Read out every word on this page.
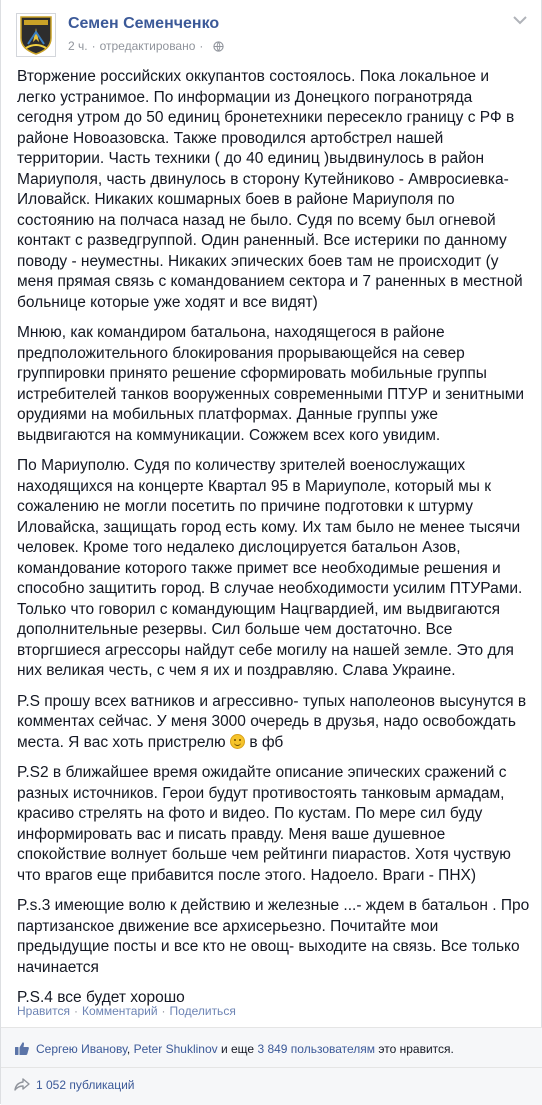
Семен Семенченко
2 ч. · отредактировано ·

Вторжение российских оккупантов состоялось. Пока локальное и легко устранимое. По информации из Донецкого погранотряда сегодня утром до 50 единиц бронетехники пересекло границу с РФ в районе Новоазовска. Также проводился артобстрел нашей территории. Часть техники ( до 40 единиц )выдвинулось в район Мариуполя, часть двинулось в сторону Кутейниково - Амвросиевка- Иловайск. Никаких кошмарных боев в районе Мариуполя по состоянию на полчаса назад не было. Судя по всему был огневой контакт с разведгруппой. Один раненный. Все истерики по данному поводу - неуместны. Никаких эпических боев там не происходит (у меня прямая связь с командованием сектора и 7 раненных в местной больнице которые уже ходят и все видят)

Мнюю, как командиром батальона, находящегося в районе предположительного блокирования прорывающейся на север группировки принято решение сформировать мобильные группы истребителей танков вооруженных современными ПТУР и зенитными орудиями на мобильных платформах. Данные группы уже выдвигаются на коммуникации. Сожжем всех кого увидим.

По Мариуполю. Судя по количеству зрителей военослужащих находящихся на концерте Квартал 95 в Мариуполе, который мы к сожалению не могли посетить по причине подготовки к штурму Иловайска, защищать город есть кому. Их там было не менее тысячи человек. Кроме того недалеко дислоцируется батальон Азов, командование которого также примет все необходимые решения и способно защитить город. В случае необходимости усилим ПТУРами. Только что говорил с командующим Нацгвардией, им выдвигаются дополнительные резервы. Сил больше чем достаточно. Все вторгшиеся агрессоры найдут себе могилу на нашей земле. Это для них великая честь, с чем я их и поздравляю. Слава Украине.

P.S прошу всех ватников и агрессивно- тупых наполеонов высунутся в комментах сейчас. У меня 3000 очередь в друзья, надо освобождать места. Я вас хоть пристрелю в фб

P.S2 в ближайшее время ожидайте описание эпических сражений с разных источников. Герои будут противостоять танковым армадам, красиво стрелять на фото и видео. По кустам. По мере сил буду информировать вас и писать правду. Меня ваше душевное спокойствие волнует больше чем рейтинги пиарастов. Хотя чуствую что врагов еще прибавится после этого. Надоело. Враги - ПНХ)

P.s.3 имеющие волю к действию и железные ...- ждем в батальон . Про партизанское движение все архисерьезно. Почитайте мои предыдущие посты и все кто не овощ- выходите на связь. Все только начинается

P.S.4 все будет хорошо

Нравится · Комментарий · Поделиться
Сергею Иванову, Peter Shuklinov и еще 3 849 пользователям это нравится.
1 052 публикаций
